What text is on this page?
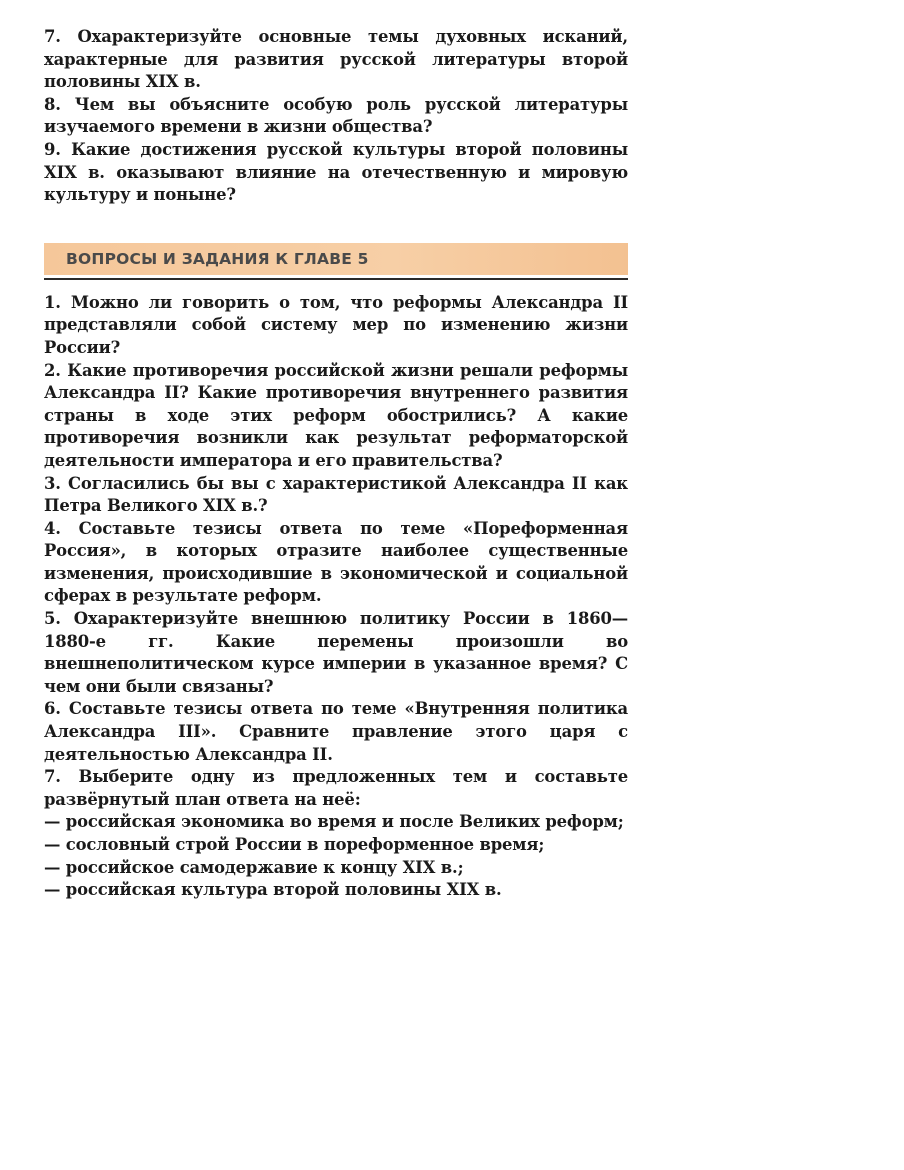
7. Охарактеризуйте основные темы духовных исканий, характерные для развития русской литературы второй половины XIX в.

8. Чем вы объясните особую роль русской литературы изучаемого времени в жизни общества?

9. Какие достижения русской культуры второй половины XIX в. оказывают влияние на отечественную и мировую культуру и поныне?

ВОПРОСЫ И ЗАДАНИЯ К ГЛАВЕ 5

1. Можно ли говорить о том, что реформы Александра II представляли собой систему мер по изменению жизни России?

2. Какие противоречия российской жизни решали реформы Александра II? Какие противоречия внутреннего развития страны в ходе этих реформ обострились? А какие противоречия возникли как результат реформаторской деятельности императора и его правительства?

3. Согласились бы вы с характеристикой Александра II как Петра Великого XIX в.?

4. Составьте тезисы ответа по теме «Пореформенная Россия», в которых отразите наиболее существенные изменения, происходившие в экономической и социальной сферах в результате реформ.

5. Охарактеризуйте внешнюю политику России в 1860—1880-е гг. Какие перемены произошли во внешнеполитическом курсе империи в указанное время? С чем они были связаны?

6. Составьте тезисы ответа по теме «Внутренняя политика Александра III». Сравните правление этого царя с деятельностью Александра II.

7. Выберите одну из предложенных тем и составьте развёрнутый план ответа на неё:

— российская экономика во время и после Великих реформ;

— сословный строй России в пореформенное время;

— российское самодержавие к концу XIX в.;

— российская культура второй половины XIX в.
